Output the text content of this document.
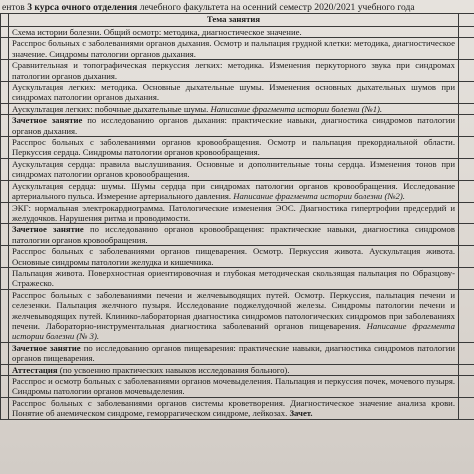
ентов 3 курса очного отделения лечебного факультета на осенний семестр 2020/2021 учебного года
	Тема занятия	
	Схема истории болезни. Общий осмотр: методика, диагностическое значение.	
	Расспрос больных с заболеваниями органов дыхания. Осмотр и пальпация грудной клетки: методика, диагностическое значение. Синдромы патологии органов дыхания.	
	Сравнительная и топографическая перкуссия легких: методика. Изменения перкуторного звука при синдромах патологии органов дыхания.	
	Аускультация легких: методика. Основные дыхательные шумы. Изменения основных дыхательных шумов при синдромах патологии органов дыхания.	
	Аускультация легких: побочные дыхательные шумы. Написание фрагмента истории болезни (№1).	
	Зачетное занятие по исследованию органов дыхания: практические навыки, диагностика синдромов патологии органов дыхания.	
	Расспрос больных с заболеваниями органов кровообращения. Осмотр и пальпация прекордиальной области. Перкуссия сердца. Синдромы патологии органов кровообращения.	
	Аускультация сердца: правила выслушивания. Основные и дополнительные тоны сердца. Изменения тонов при синдромах патологии органов кровообращения.	
	Аускультация сердца: шумы. Шумы сердца при синдромах патологии органов кровообращения. Исследование артериального пульса. Измерение артериального давления. Написание фрагмента истории болезни (№2).	
	ЭКГ: нормальная электрокардиограмма. Патологические изменения ЭОС. Диагностика гипертрофии предсердий и желудочков. Нарушения ритма и проводимости.	
	Зачетное занятие по исследованию органов кровообращения: практические навыки, диагностика синдромов патологии органов кровообращения.	
	Расспрос больных с заболеваниями органов пищеварения. Осмотр. Перкуссия живота. Аускультация живота. Основные синдромы патологии желудка и кишечника.	
	Пальпация живота. Поверхностная ориентировочная и глубокая методическая скользящая пальпация по Образцову-Стражеско.	
	Расспрос больных с заболеваниями печени и желчевыводящих путей. Осмотр. Перкуссия, пальпация печени и селезенки. Пальпация желчного пузыря. Исследование поджелудочной железы. Синдромы патологии печени и желчевыводящих путей. Клинико-лабораторная диагностика синдромов патологических синдромов при заболеваниях печени. Лабораторно-инструментальная диагностика заболеваний органов пищеварения. Написание фрагмента истории болезни (№ 3).	
	Зачетное занятие по исследованию органов пищеварения: практические навыки, диагностика синдромов патологии органов пищеварения.	
	Аттестация (по усвоению практических навыков исследования больного).	
	Расспрос и осмотр больных с заболеваниями органов мочевыделения. Пальпация и перкуссия почек, мочевого пузыря. Синдромы патологии органов мочевыделения.	
	Расспрос больных с заболеваниями органов системы кроветворения. Диагностическое значение анализа крови. Понятие об анемическом синдроме, геморрагическом синдроме, лейкозах. Зачет.	
